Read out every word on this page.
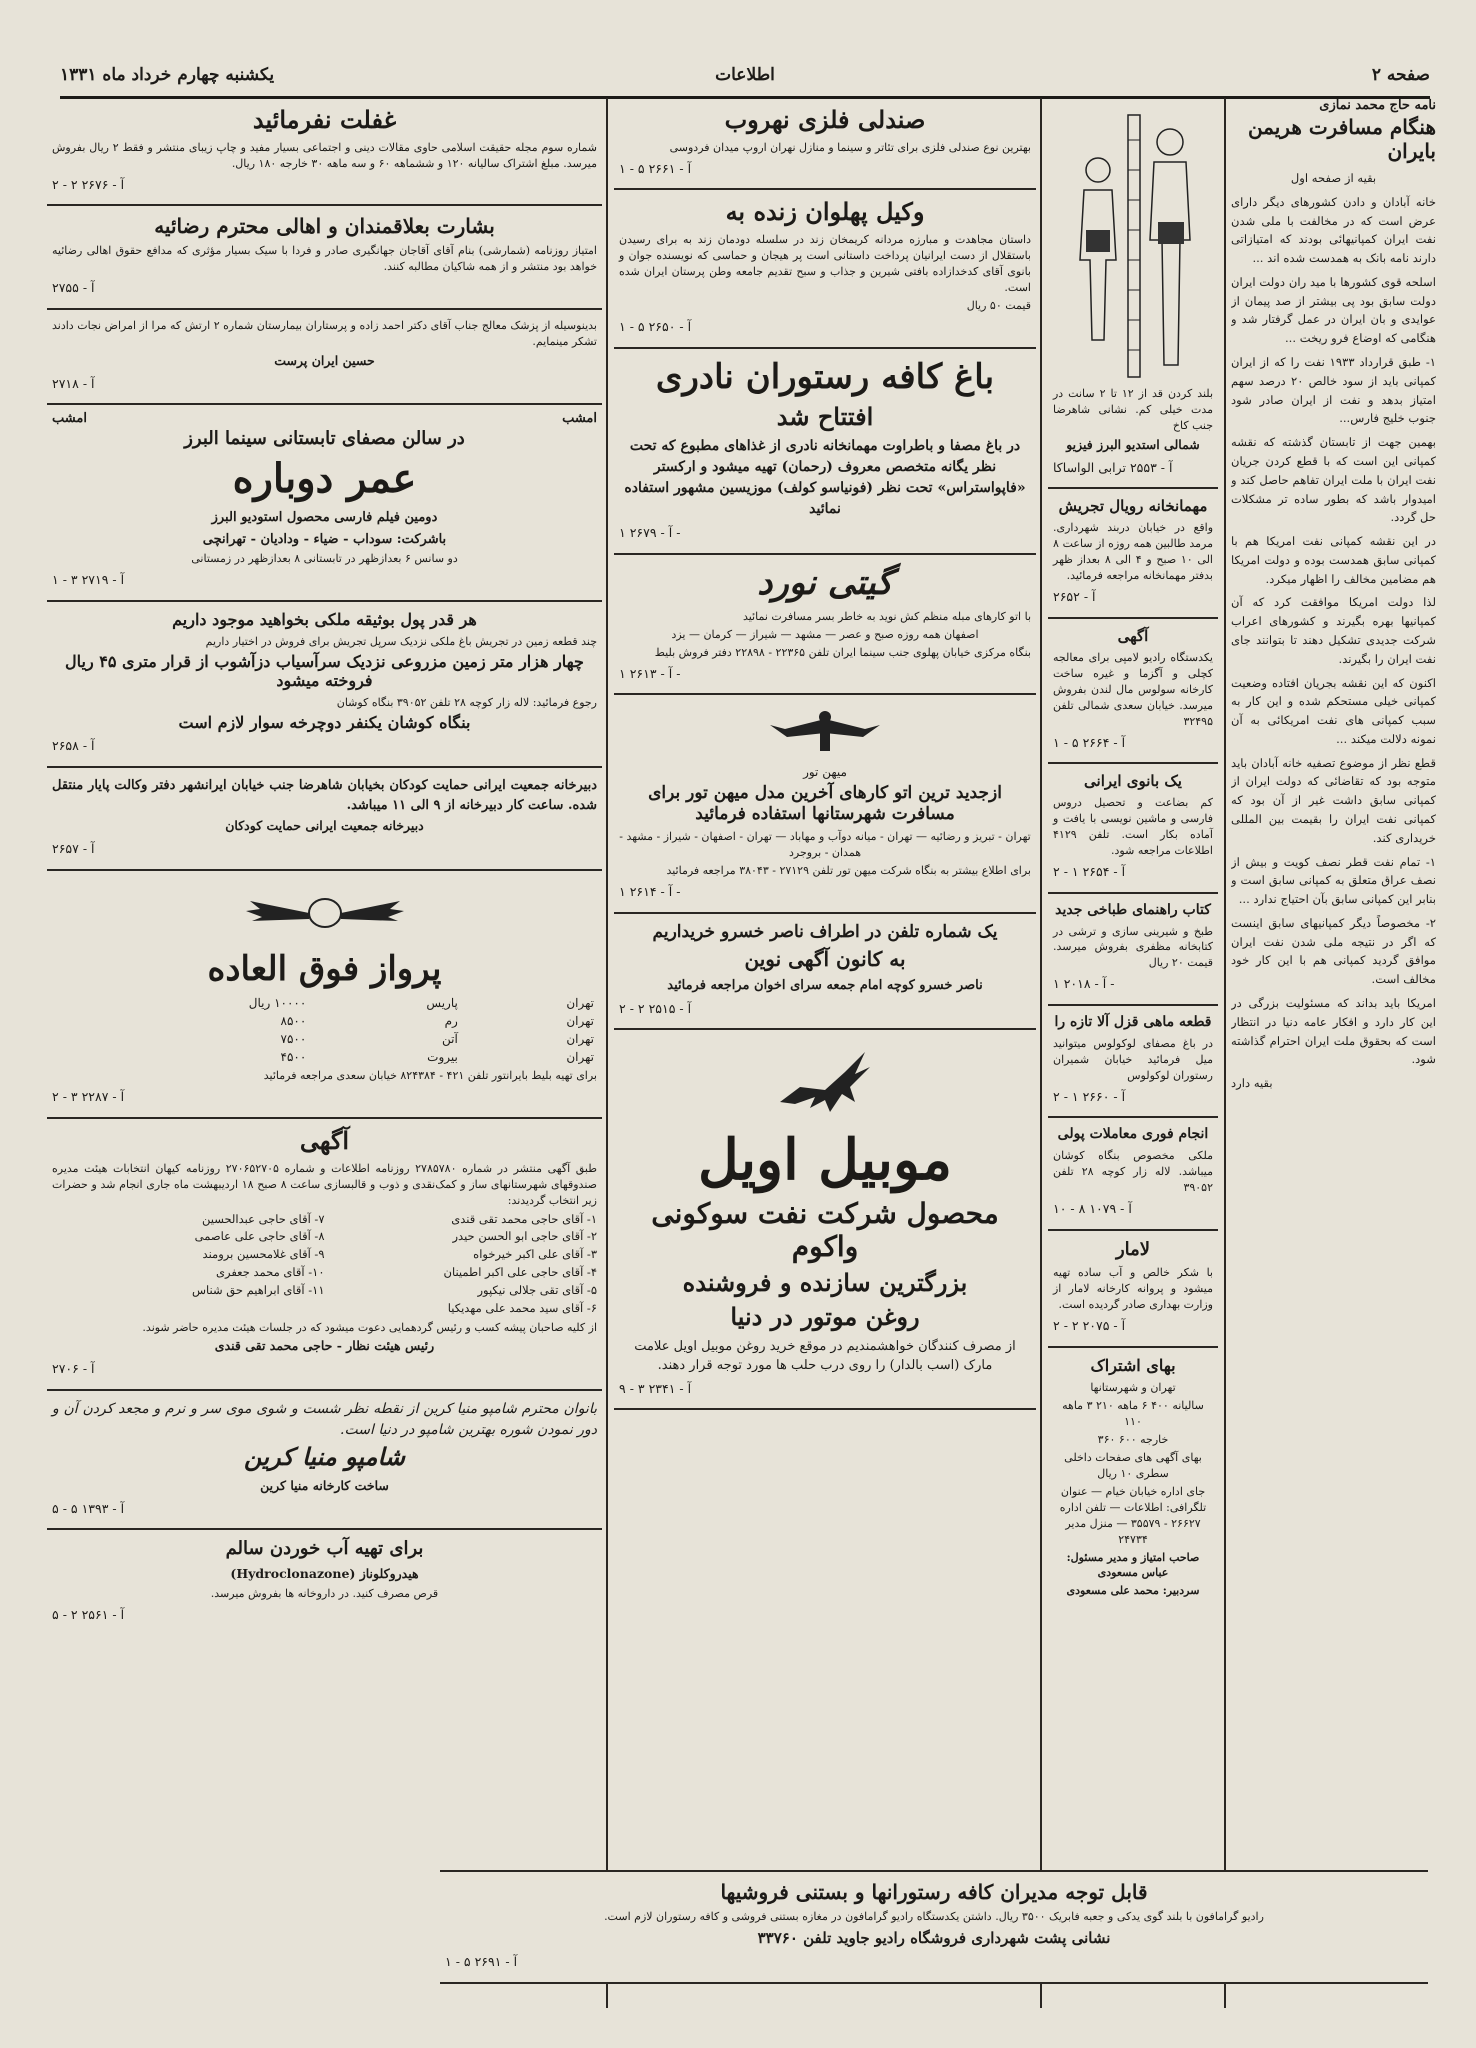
صفحه ۲
اطلاعات
یکشنبه چهارم خرداد ماه ۱۳۳۱
نامه حاج محمد نمازی
هنگام مسافرت هریمن بایران

بقیه از صفحه اول

خانه آبادان و دادن کشورهای دیگر دارای عرض است که در مخالفت با ملی شدن نفت ایران کمپانیهائی بودند که امتیازاتی دارند نامه بانک به همدست شده اند ...

اسلحه قوی کشورها با مید ران دولت ایران دولت سابق بود پی بیشتر از صد پیمان از عوایدی و بان ایران در عمل گرفتار شد و هنگامی که اوضاع فرو ریخت ...

۱- طبق قرارداد ۱۹۳۳ نفت را که از ایران کمپانی باید از سود خالص ۲۰ درصد سهم امتیاز بدهد و نفت از ایران صادر شود جنوب خلیج فارس...

بهمین جهت از تابستان گذشته که نقشه کمپانی این است که با قطع کردن جریان نفت ایران با ملت ایران تفاهم حاصل کند و امیدوار باشد که بطور ساده تر مشکلات حل گردد.

در این نقشه کمپانی نفت امریکا هم با کمپانی سابق همدست بوده و دولت امریکا هم مضامین مخالف را اظهار میکرد.

لذا دولت امریکا موافقت کرد که آن کمپانیها بهره بگیرند و کشورهای اعراب شرکت جدیدی تشکیل دهند تا بتوانند جای نفت ایران را بگیرند.

اکنون که این نقشه بجریان افتاده وضعیت کمپانی خیلی مستحکم شده و این کار به سبب کمپانی های نفت امریکائی به آن نمونه دلالت میکند ...

قطع نظر از موضوع تصفیه خانه آبادان باید متوجه بود که تقاضائی که دولت ایران از کمپانی سابق داشت غیر از آن بود که کمپانی نفت ایران را بقیمت بین المللی خریداری کند.

۱- تمام نفت قطر نصف کویت و بیش از نصف عراق متعلق به کمپانی سابق است و بنابر این کمپانی سابق بآن احتیاج ندارد ...

۲- مخصوصاً دیگر کمپانیهای سابق اینست که اگر در نتیجه ملی شدن نفت ایران موافق گردید کمپانی هم با این کار خود مخالف است.

امریکا باید بداند که مسئولیت بزرگی در این کار دارد و افکار عامه دنیا در انتظار است که بحقوق ملت ایران احترام گذاشته شود.

بقیه دارد

بلند کردن قد از ۱۲ تا ۲ سانت در مدت خیلی کم. نشانی شاهرضا جنب کاخ

شمالی استدیو البرز فیزیو

آ - ۲۵۵۳ ترابی الواساکا

مهمانخانه رویال تجریش

واقع در خیابان دربند شهرداری. مرمد طالبین همه روزه از ساعت ۸ الی ۱۰ صبح و ۴ الی ۸ بعداز ظهر بدفتر مهمانخانه مراجعه فرمائید.

آ - ۲۶۵۲

آگهی

یکدستگاه رادیو لامپی برای معالجه کچلی و آگزما و غیره ساخت کارخانه سولوس مال لندن بفروش میرسد. خیابان سعدی شمالی تلفن ۳۲۴۹۵

آ - ۲۶۶۴ ۵ - ۱

یک بانوی ایرانی

کم بضاعت و تحصیل دروس فارسی و ماشین نویسی با یافت و آماده بکار است. تلفن ۴۱۲۹ اطلاعات مراجعه شود.

آ - ۲۶۵۴ ۱ - ۲

کتاب راهنمای طباخی جدید

طبخ و شیرینی سازی و ترشی در کتابخانه مظفری بفروش میرسد. قیمت ۲۰ ریال

آ - ۲۰۱۸ ۱ -

قطعه ماهی قزل آلا تازه را

در باغ مصفای لوکولوس میتوانید میل فرمائید خیابان شمیران رستوران لوکولوس

آ - ۲۶۶۰ ۱ - ۲

انجام فوری معاملات پولی

ملکی مخصوص بنگاه کوشان میباشد. لاله زار کوچه ۲۸ تلفن ۳۹۰۵۲

آ - ۱۰۷۹ ۸ - ۱۰

لامار

با شکر خالص و آب ساده تهیه میشود و پروانه کارخانه لامار از وزارت بهداری صادر گردیده است.

آ - ۲۰۷۵ ۲ - ۲

بهای اشتراک

تهران و شهرستانها

سالیانه ۴۰۰ ۶ ماهه ۲۱۰ ۳ ماهه ۱۱۰

خارجه ۶۰۰ ۳۶۰

بهای آگهی های صفحات داخلی سطری ۱۰ ریال

جای اداره خیابان خیام — عنوان تلگرافی: اطلاعات — تلفن اداره ۲۶۶۲۷ - ۳۵۵۷۹ — منزل مدیر ۲۴۷۳۴

صاحب امتیاز و مدیر مسئول: عباس مسعودی

سردبیر: محمد علی مسعودی

صندلی فلزی نهروب

بهترین نوع صندلی فلزی برای تئاتر و سینما و منازل نهران اروپ میدان فردوسی

آ - ۲۶۶۱ ۵ - ۱

وکیل پهلوان زنده به

داستان مجاهدت و مبارزه مردانه کریمخان زند در سلسله دودمان زند به برای رسیدن باستقلال از دست ایرانیان پرداخت داستانی است پر هیجان و حماسی که نویسنده جوان و بانوی آقای کدخدازاده بافتی شیرین و جذاب و سبح تقدیم جامعه وطن پرستان ایران شده است.

قیمت ۵۰ ریال

آ - ۲۶۵۰ ۵ - ۱

باغ کافه رستوران نادری
افتتاح شد

در باغ مصفا و باطراوت مهمانخانه نادری از غذاهای مطبوع که تحت نظر یگانه متخصص معروف (رحمان) تهیه میشود و ارکستر «فاپواستراس» تحت نظر (فونیاسو کولف) موزیسین مشهور استفاده نمائید

آ - ۲۶۷۹ ۱ -

گیتی نورد

با اتو کارهای مبله منظم کش نوید به خاطر بسر مسافرت نمائید

اصفهان همه روزه صبح و عصر — مشهد — شیراز — کرمان — یزد

بنگاه مرکزی خیابان پهلوی جنب سینما ایران تلفن ۲۲۳۶۵ - ۲۲۸۹۸ دفتر فروش بلیط

آ - ۲۶۱۳ ۱ -

میهن تور

ازجدید ترین اتو کارهای آخرین مدل میهن تور برای مسافرت شهرستانها استفاده فرمائید

تهران - تبریز و رضائیه — تهران - میانه دوآب و مهاباد — تهران - اصفهان - شیراز - مشهد - همدان - بروجرد

برای اطلاع بیشتر به بنگاه شرکت میهن تور تلفن ۲۷۱۲۹ - ۳۸۰۴۳ مراجعه فرمائید

آ - ۲۶۱۴ ۱ -

یک شماره تلفن در اطراف ناصر خسرو خریداریم
به کانون آگهی نوین

ناصر خسرو کوچه امام جمعه سرای اخوان مراجعه فرمائید

آ - ۲۵۱۵ ۲ - ۲

موبیل اویل
محصول شرکت نفت سوکونی واکوم
بزرگترین سازنده و فروشنده
روغن موتور در دنیا

از مصرف کنندگان خواهشمندیم در موقع خرید روغن موبیل اویل علامت مارک (اسب بالدار) را روی درب حلب ها مورد توجه قرار دهند.

آ - ۲۳۴۱ ۳ - ۹

غفلت نفرمائید

شماره سوم مجله حقیقت اسلامی حاوی مقالات دینی و اجتماعی بسیار مفید و چاپ زیبای منتشر و فقط ۲ ریال بفروش میرسد. مبلغ اشتراک سالیانه ۱۲۰ و ششماهه ۶۰ و سه ماهه ۳۰ خارجه ۱۸۰ ریال.

آ - ۲۶۷۶ ۲ - ۲

بشارت بعلاقمندان و اهالی محترم رضائیه

امتیاز روزنامه (شمارشی) بنام آقای آقاجان جهانگیری صادر و فردا با سیک بسیار مؤثری که مدافع حقوق اهالی رضائیه خواهد بود منتشر و از همه شاکیان مطالبه کنند.

آ - ۲۷۵۵

بدینوسیله از پزشک معالج جناب آقای دکتر احمد زاده و پرستاران بیمارستان شماره ۲ ارتش که مرا از امراض نجات دادند تشکر مینمایم.

حسین ایران پرست

آ - ۲۷۱۸

امشب
امشب
در سالن مصفای تابستانی سینما البرز
عمر دوباره

دومین فیلم فارسی محصول استودیو البرز

باشرکت: سوداب - ضیاء - ودادیان - تهرانچی

دو سانس ۶ بعدازظهر در تابستانی ۸ بعدازظهر در زمستانی

آ - ۲۷۱۹ ۳ - ۱

هر قدر پول بوثیقه ملکی بخواهید موجود داریم

چند قطعه زمین در تجریش باغ ملکی نزدیک سرپل تجریش برای فروش در اختیار داریم

چهار هزار متر زمین مزروعی نزدیک سرآسیاب دزآشوب از قرار متری ۴۵ ریال فروخته میشود

رجوع فرمائید: لاله زار کوچه ۲۸ تلفن ۳۹۰۵۲ بنگاه کوشان

بنگاه کوشان یکنفر دوچرخه سوار لازم است

آ - ۲۶۵۸

دبیرخانه جمعیت ایرانی حمایت کودکان بخیابان شاهرضا جنب خیابان ایرانشهر دفتر وکالت پایار منتقل شده. ساعت کار دبیرخانه از ۹ الی ۱۱ میباشد.

دبیرخانه جمعیت ایرانی حمایت کودکان

آ - ۲۶۵۷

پرواز فوق العاده
تهران	پاریس	۱۰۰۰۰ ریال
تهران	رم	۸۵۰۰
تهران	آتن	۷۵۰۰
تهران	بیروت	۴۵۰۰

برای تهیه بلیط بایرانتور تلفن ۴۲۱ - ۸۲۴۳۸۴ خیابان سعدی مراجعه فرمائید

آ - ۲۲۸۷ ۳ - ۲

آگهی

طبق آگهی منتشر در شماره ۲۷۸۵۷۸۰ روزنامه اطلاعات و شماره ۲۷۰۶۵۲۷۰۵ روزنامه کیهان انتخابات هیئت مدیره صندوقهای شهرستانهای ساز و کمک‌نقدی و ذوب و قالبسازی ساعت ۸ صبح ۱۸ اردیبهشت ماه جاری انجام شد و حضرات زیر انتخاب گردیدند:

۱- آقای حاجی محمد تقی قندی
۲- آقای حاجی ابو الحسن حیدر
۳- آقای علی اکبر خیرخواه
۴- آقای حاجی علی اکبر اطمینان
۵- آقای تقی جلالی نیکپور
۶- آقای سید محمد علی مهدیکیا
۷- آقای حاجی عبدالحسین
۸- آقای حاجی علی عاصمی
۹- آقای غلامحسین برومند
۱۰- آقای محمد جعفری
۱۱- آقای ابراهیم حق شناس

از کلیه صاحبان پیشه کسب و رئیس گردهمایی دعوت میشود که در جلسات هیئت مدیره حاضر شوند.

رئیس هیئت نظار - حاجی محمد تقی قندی

آ - ۲۷۰۶

بانوان محترم شامپو منیا کرین از نقطه نظر شست و شوی موی سر و نرم و مجعد کردن آن و دور نمودن شوره بهترین شامپو در دنیا است.

شامپو منیا کرین

ساخت کارخانه منیا کرین

آ - ۱۳۹۳ ۵ - ۵

برای تهیه آب خوردن سالم

هیدروکلوناز (Hydroclonazone)

قرص مصرف کنید. در داروخانه ها بفروش میرسد.

آ - ۲۵۶۱ ۲ - ۵

قابل توجه مدیران کافه رستورانها و بستنی فروشیها

رادیو گرامافون با بلند گوی یدکی و جعبه فابریک ۳۵۰۰ ریال. داشتن یکدستگاه رادیو گرامافون در مغازه بستنی فروشی و کافه رستوران لازم است.

نشانی پشت شهرداری فروشگاه رادیو جاوید تلفن ۳۳۷۶۰

آ - ۲۶۹۱ ۵ - ۱
